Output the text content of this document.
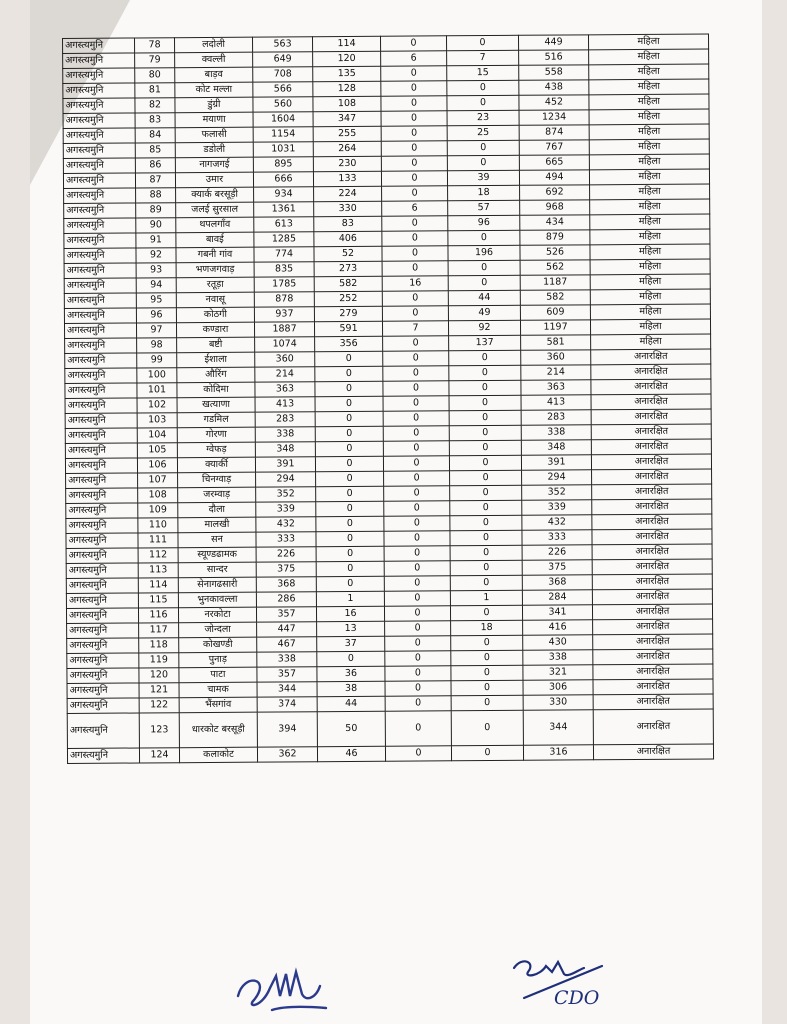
अगस्त्यमुनि	78	लदोली	563	114	0	0	449	महिला
अगस्त्यमुनि	79	क्वल्ली	649	120	6	7	516	महिला
अगस्त्यमुनि	80	बाड़व	708	135	0	15	558	महिला
अगस्त्यमुनि	81	कोट मल्ला	566	128	0	0	438	महिला
अगस्त्यमुनि	82	डुंग्री	560	108	0	0	452	महिला
अगस्त्यमुनि	83	मयाणा	1604	347	0	23	1234	महिला
अगस्त्यमुनि	84	फलासी	1154	255	0	25	874	महिला
अगस्त्यमुनि	85	डडोली	1031	264	0	0	767	महिला
अगस्त्यमुनि	86	नागजगई	895	230	0	0	665	महिला
अगस्त्यमुनि	87	उमार	666	133	0	39	494	महिला
अगस्त्यमुनि	88	क्यार्क बरसूड़ी	934	224	0	18	692	महिला
अगस्त्यमुनि	89	जलई सुरसाल	1361	330	6	57	968	महिला
अगस्त्यमुनि	90	थपलगाँव	613	83	0	96	434	महिला
अगस्त्यमुनि	91	बावई	1285	406	0	0	879	महिला
अगस्त्यमुनि	92	गबनी गांव	774	52	0	196	526	महिला
अगस्त्यमुनि	93	भणजगवाड़	835	273	0	0	562	महिला
अगस्त्यमुनि	94	रतूड़ा	1785	582	16	0	1187	महिला
अगस्त्यमुनि	95	नवासू	878	252	0	44	582	महिला
अगस्त्यमुनि	96	कोठगी	937	279	0	49	609	महिला
अगस्त्यमुनि	97	कण्डारा	1887	591	7	92	1197	महिला
अगस्त्यमुनि	98	बष्टी	1074	356	0	137	581	महिला
अगस्त्यमुनि	99	ईशाला	360	0	0	0	360	अनारक्षित
अगस्त्यमुनि	100	औरिंग	214	0	0	0	214	अनारक्षित
अगस्त्यमुनि	101	कोदिमा	363	0	0	0	363	अनारक्षित
अगस्त्यमुनि	102	खत्याणा	413	0	0	0	413	अनारक्षित
अगस्त्यमुनि	103	गडमिल	283	0	0	0	283	अनारक्षित
अगस्त्यमुनि	104	गोरणा	338	0	0	0	338	अनारक्षित
अगस्त्यमुनि	105	ग्वेफड़	348	0	0	0	348	अनारक्षित
अगस्त्यमुनि	106	क्यार्की	391	0	0	0	391	अनारक्षित
अगस्त्यमुनि	107	चिनग्वाड़	294	0	0	0	294	अनारक्षित
अगस्त्यमुनि	108	जरम्वाड़	352	0	0	0	352	अनारक्षित
अगस्त्यमुनि	109	दौला	339	0	0	0	339	अनारक्षित
अगस्त्यमुनि	110	मालखी	432	0	0	0	432	अनारक्षित
अगस्त्यमुनि	111	सन	333	0	0	0	333	अनारक्षित
अगस्त्यमुनि	112	स्यूण्डढामक	226	0	0	0	226	अनारक्षित
अगस्त्यमुनि	113	सान्दर	375	0	0	0	375	अनारक्षित
अगस्त्यमुनि	114	सेनागढसारी	368	0	0	0	368	अनारक्षित
अगस्त्यमुनि	115	भुनकावल्ला	286	1	0	1	284	अनारक्षित
अगस्त्यमुनि	116	नरकोटा	357	16	0	0	341	अनारक्षित
अगस्त्यमुनि	117	जोन्दला	447	13	0	18	416	अनारक्षित
अगस्त्यमुनि	118	कोखण्डी	467	37	0	0	430	अनारक्षित
अगस्त्यमुनि	119	पुनाड़	338	0	0	0	338	अनारक्षित
अगस्त्यमुनि	120	पाटा	357	36	0	0	321	अनारक्षित
अगस्त्यमुनि	121	चामक	344	38	0	0	306	अनारक्षित
अगस्त्यमुनि	122	भैंसगांव	374	44	0	0	330	अनारक्षित
अगस्त्यमुनि	123	धारकोट बरसूड़ी	394	50	0	0	344	अनारक्षित
अगस्त्यमुनि	124	कलाकोट	362	46	0	0	316	अनारक्षित
CDO
